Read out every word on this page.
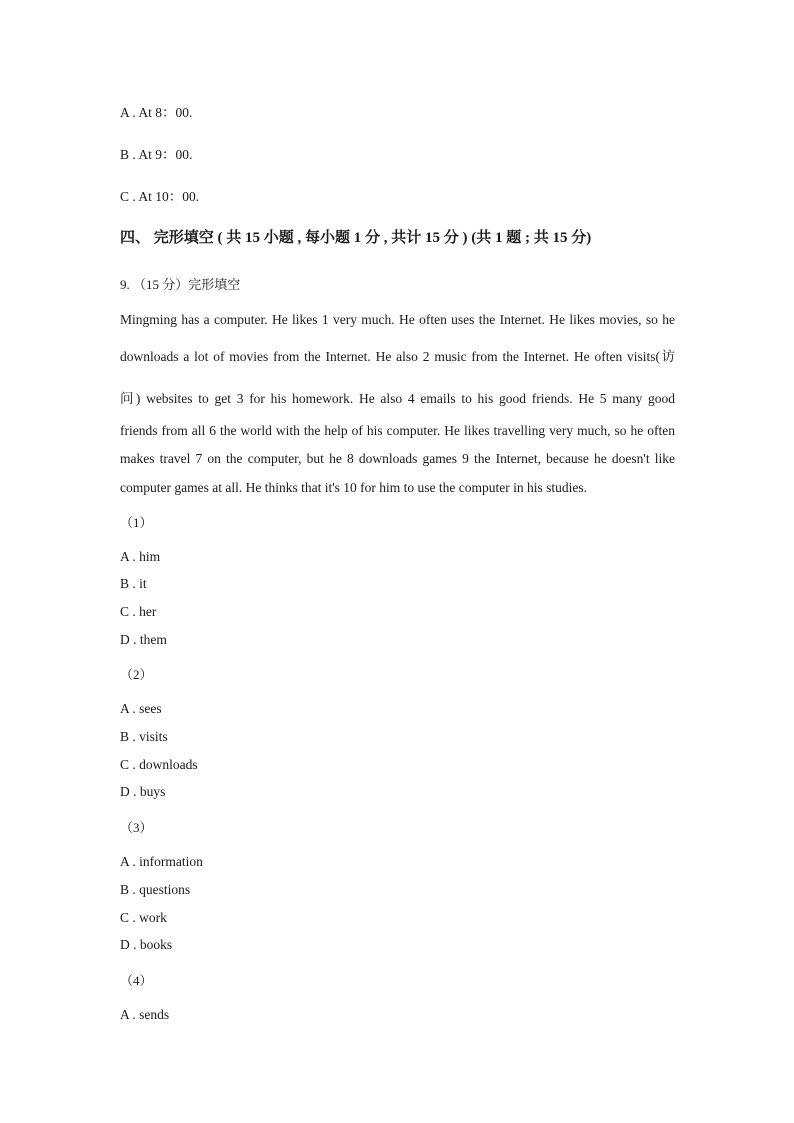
A . At 8：00.
B . At 9：00.
C . At 10：00.
四、 完形填空 ( 共 15 小题 , 每小题 1 分 , 共计 15 分 ) (共 1 题 ; 共 15 分)
9. （15 分）完形填空
Mingming has a computer. He likes 1 very much. He often uses the Internet. He likes movies, so he
downloads a lot of movies from the Internet. He also 2 music from the Internet. He often visits(访
问) websites to get 3 for his homework. He also 4 emails to his good friends. He 5 many good
friends from all 6 the world with the help of his computer. He likes travelling very much, so he often
makes travel 7 on the computer, but he 8 downloads games 9 the Internet, because he doesn't like
computer games at all. He thinks that it's 10 for him to use the computer in his studies.
（1）
A . him
B . it
C . her
D . them
（2）
A . sees
B . visits
C . downloads
D . buys
（3）
A . information
B . questions
C . work
D . books
（4）
A . sends
